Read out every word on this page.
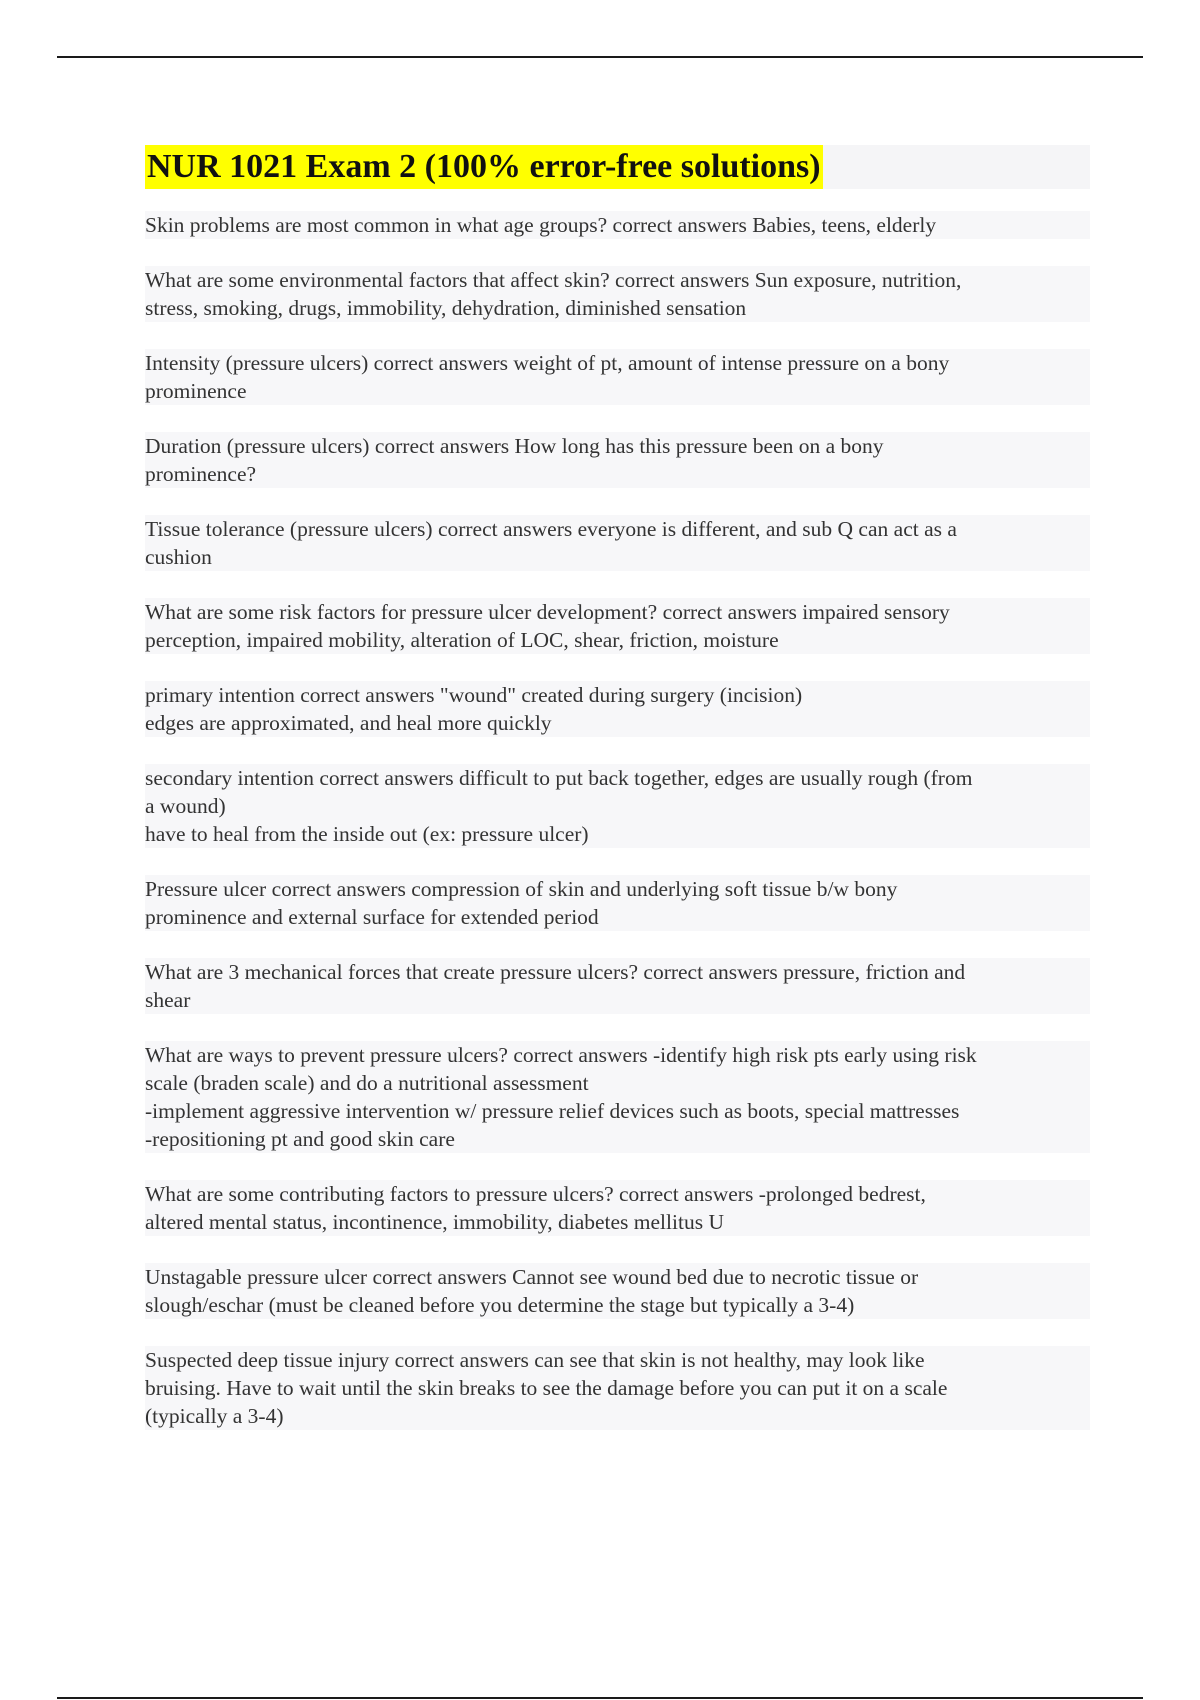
NUR 1021 Exam 2 (100% error-free solutions)

Skin problems are most common in what age groups? correct answers Babies, teens, elderly

What are some environmental factors that affect skin? correct answers Sun exposure, nutrition,
stress, smoking, drugs, immobility, dehydration, diminished sensation

Intensity (pressure ulcers) correct answers weight of pt, amount of intense pressure on a bony
prominence

Duration (pressure ulcers) correct answers How long has this pressure been on a bony
prominence?

Tissue tolerance (pressure ulcers) correct answers everyone is different, and sub Q can act as a
cushion

What are some risk factors for pressure ulcer development? correct answers impaired sensory
perception, impaired mobility, alteration of LOC, shear, friction, moisture

primary intention correct answers "wound" created during surgery (incision)
edges are approximated, and heal more quickly

secondary intention correct answers difficult to put back together, edges are usually rough (from
a wound)
have to heal from the inside out (ex: pressure ulcer)

Pressure ulcer correct answers compression of skin and underlying soft tissue b/w bony
prominence and external surface for extended period

What are 3 mechanical forces that create pressure ulcers? correct answers pressure, friction and
shear

What are ways to prevent pressure ulcers? correct answers -identify high risk pts early using risk
scale (braden scale) and do a nutritional assessment
-implement aggressive intervention w/ pressure relief devices such as boots, special mattresses
-repositioning pt and good skin care

What are some contributing factors to pressure ulcers? correct answers -prolonged bedrest,
altered mental status, incontinence, immobility, diabetes mellitus U

Unstagable pressure ulcer correct answers Cannot see wound bed due to necrotic tissue or
slough/eschar (must be cleaned before you determine the stage but typically a 3-4)

Suspected deep tissue injury correct answers can see that skin is not healthy, may look like
bruising. Have to wait until the skin breaks to see the damage before you can put it on a scale
(typically a 3-4)
